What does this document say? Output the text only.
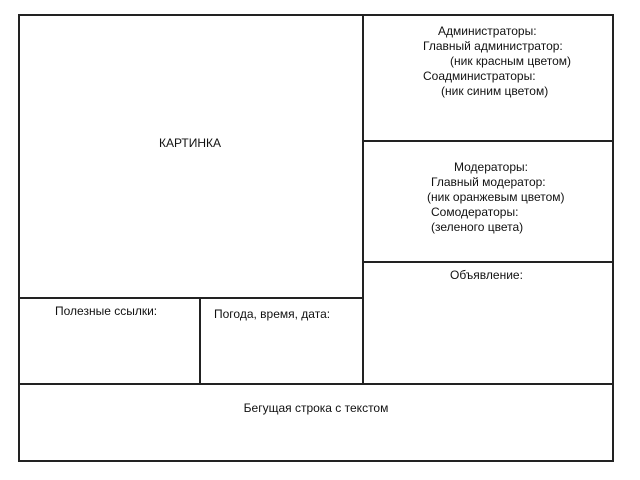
КАРТИНКА
Администраторы:
Главный администратор:
(ник красным цветом)
Соадминистраторы:
(ник синим цветом)
Модераторы:
Главный модератор:
(ник оранжевым цветом)
Сомодераторы:
(зеленого цвета)
Объявление:
Полезные ссылки:	Погода, время, дата:
Бегущая строка с текстом
